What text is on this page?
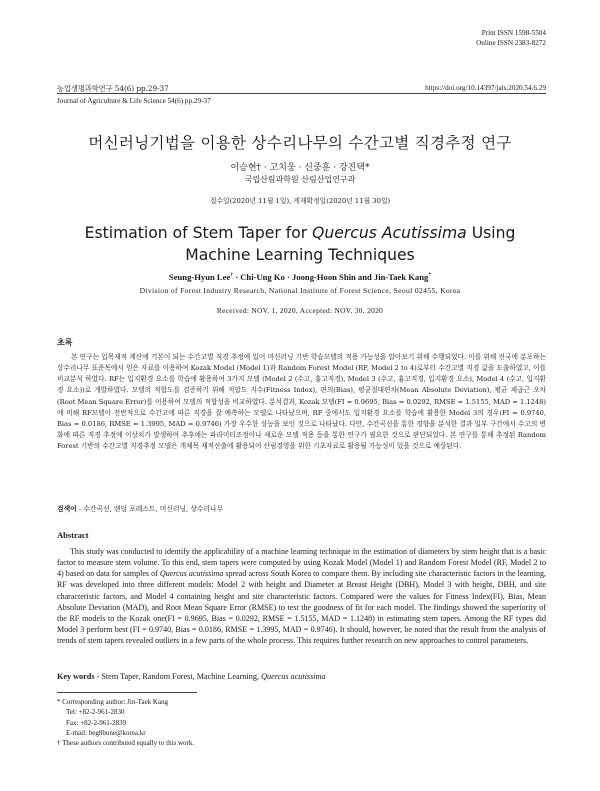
Print ISSN 1598-5504
Online ISSN 2383-8272
농업생명과학연구 54(6) pp.29-37	https://doi.org/10.14397/jals.2020.54.6.29
Journal of Agriculture & Life Science 54(6) pp.29-37
머신러닝기법을 이용한 상수리나무의 수간고별 직경추정 연구
이승현† · 고치웅 · 신중훈 · 강진택*
국립산림과학원 산림산업연구과
접수일(2020년 11월 1일), 게재확정일(2020년 11월 30일)
Estimation of Stem Taper for Quercus Acutissima Using
Machine Learning Techniques
Seung-Hyun Lee† · Chi-Ung Ko · Joong-Hoon Shin and Jin-Taek Kang*
Division of Forest Industry Research, National Institute of Forest Science, Seoul 02455, Korea
Received: NOV. 1, 2020, Accepted: NOV. 30, 2020
초록

본 연구는 입목재적 계산에 기본이 되는 수간고별 직경 추정에 있어 머신러닝 기반 학습모델의 적용 가능성을 알아보기 위해 수행되었다. 이를 위해 전국에 분포하는 상수리나무 표준목에서 얻은 자료를 이용하여 Kozak Model (Model 1)과 Random Forest Model (RF, Model 2 to 4)로부터 수간고별 직경 값을 도출하였고, 이를 비교분석 하였다. RF는 입지환경 요소를 학습에 활용하여 3가지 모델 (Model 2 (수고, 흉고직경), Model 3 (수고, 흉고직경, 입지환경 요소), Model 4 (수고, 입지환경 요소))로 개발하였다. 모델의 적합도를 검증하기 위해 적합도 지수(Fitness Index), 편의(Bias), 평균절대편차(Mean Absolute Deviation), 평균 제곱근 오차(Root Mean Square Error)를 이용하여 모델의 적합성을 비교하였다. 분석결과, Kozak 모델(FI = 0.9695, Bias = 0.0292, RMSE = 1.5155, MAD = 1.1248) 에 비해 RF모델이 전반적으로 수간고에 따른 직경을 잘 예측하는 모델로 나타났으며, RF 중에서도 입지환경 요소를 학습에 활용한 Model 3의 경우(FI = 0.9740, Bias = 0.0186, RMSE = 1.3995, MAD = 0.9746) 가장 우수한 성능을 보인 것으로 나타났다. 다만, 수간곡선을 통한 경향을 분석한 결과 일부 구간에서 수고의 변화에 따른 직경 추정에 이상치가 발생하여 추후에는 파라미터조정이나 새로운 모델 적용 등을 통한 연구가 필요한 것으로 판단되었다. 본 연구를 통해 추정된 Random Forest 기반의 수간고별 직경추정 모델은 개체목 재적산출에 활용되어 산림경영을 위한 기초자료로 활용될 가능성이 있을 것으로 예상된다.

검색어 - 수간곡선, 랜덤 포레스트, 머신러닝, 상수리나무
Abstract

This study was conducted to identify the applicability of a machine learning technique in the estimation of diameters by stem height that is a basic factor to measure stem volume. To this end, stem tapers were computed by using Kozak Model (Model 1) and Random Forest Model (RF, Model 2 to 4) based on data for samples of Quercus acutissima spread across South Korea to compare them. By including site characteristic factors in the learning, RF was developed into three different models: Model 2 with height and Diameter at Breast Height (DBH), Model 3 with height, DBH, and site characteristic factors, and Model 4 containing height and site characteristic factors. Compared were the values for Fitness Index(FI), Bias, Mean Absolute Deviation (MAD), and Root Mean Square Error (RMSE) to test the goodness of fit for each model. The findings showed the superiority of the RF models to the Kozak one(FI = 0.9695, Bias = 0.0292, RMSE = 1.5155, MAD = 1.1248) in estimating stem tapers. Among the RF types did Model 3 perform best (FI = 0.9740, Bias = 0.0186, RMSE = 1.3995, MAD = 0.9746). It should, however, be noted that the result from the analysis of trends of stem tapers revealed outliers in a few parts of the whole process. This requires further research on new approaches to control parameters.

Key words - Stem Taper, Random Forest, Machine Learning, Quercus acutissima
* Corresponding author: Jin-Taek Kang
Tel: +82-2-961-2830
Fax: +82-2-961-2839
E-mail: beg8bune@korea.kr
† These authors contributed equally to this work.
